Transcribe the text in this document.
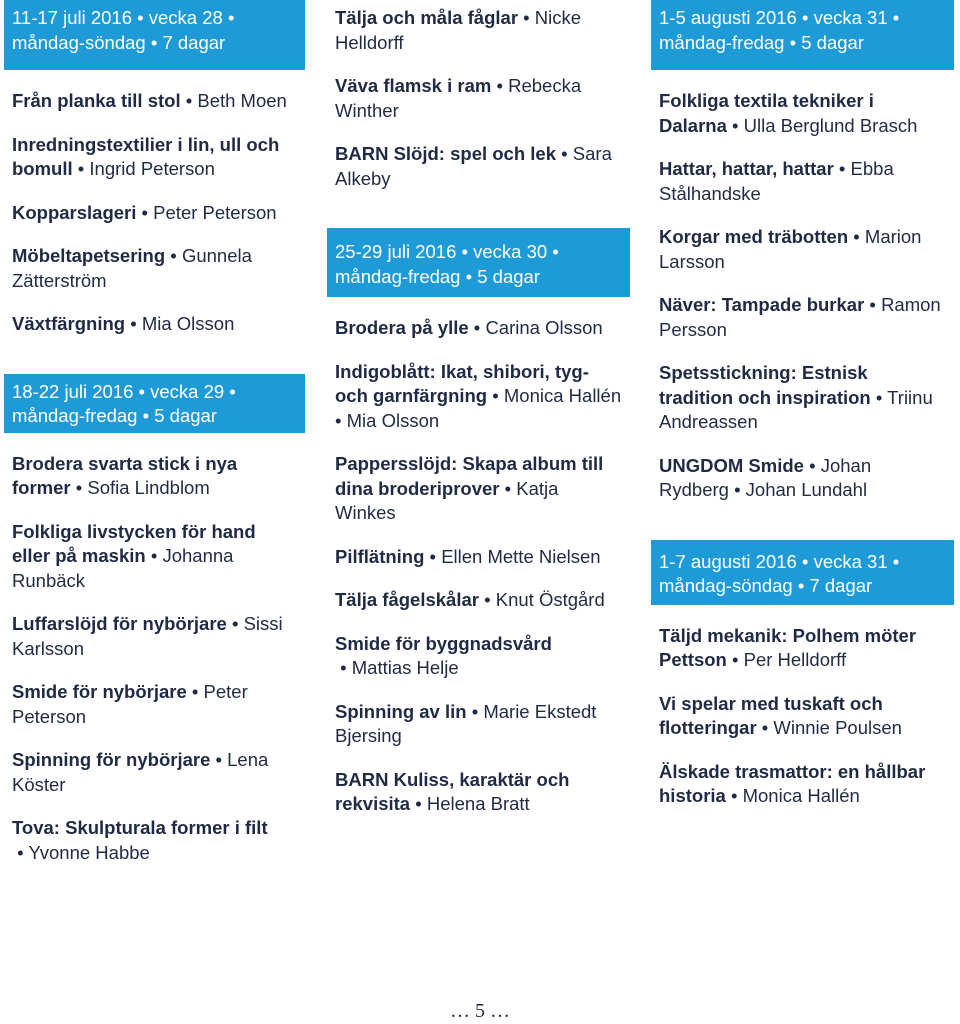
11-17 juli 2016 • vecka 28 •
måndag-söndag • 7 dagar
Från planka till stol • Beth Moen
Inredningstextilier i lin, ull och bomull • Ingrid Peterson
Kopparslageri • Peter Peterson
Möbeltapetsering • Gunnela Zätterström
Växtfärgning • Mia Olsson
18-22 juli 2016 • vecka 29 •
måndag-fredag • 5 dagar
Brodera svarta stick i nya former • Sofia Lindblom
Folkliga livstycken för hand eller på maskin • Johanna Runbäck
Luffarslöjd för nybörjare • Sissi Karlsson
Smide för nybörjare • Peter Peterson
Spinning för nybörjare • Lena Köster
Tova: Skulpturala former i filt • Yvonne Habbe
Tälja och måla fåglar • Nicke Helldorff
Väva flamsk i ram • Rebecka Winther
BARN Slöjd: spel och lek • Sara Alkeby
25-29 juli 2016 • vecka 30 •
måndag-fredag • 5 dagar
Brodera på ylle • Carina Olsson
Indigoblått: Ikat, shibori, tyg- och garnfärgning • Monica Hallén • Mia Olsson
Pappersslöjd: Skapa album till dina broderiprover • Katja Winkes
Pilflätning • Ellen Mette Nielsen
Tälja fågelskålar • Knut Östgård
Smide för byggnadsvård • Mattias Helje
Spinning av lin • Marie Ekstedt Bjersing
BARN Kuliss, karaktär och rekvisita • Helena Bratt
1-5 augusti 2016 • vecka 31 •
måndag-fredag • 5 dagar
Folkliga textila tekniker i Dalarna • Ulla Berglund Brasch
Hattar, hattar, hattar • Ebba Stålhandske
Korgar med träbotten • Marion Larsson
Näver: Tampade burkar • Ramon Persson
Spetsstickning: Estnisk tradition och inspiration • Triinu Andreassen
UNGDOM Smide • Johan Rydberg • Johan Lundahl
1-7 augusti 2016 • vecka 31 •
måndag-söndag • 7 dagar
Täljd mekanik: Polhem möter Pettson • Per Helldorff
Vi spelar med tuskaft och flotteringar • Winnie Poulsen
Älskade trasmattor: en hållbar historia • Monica Hallén
… 5 …
